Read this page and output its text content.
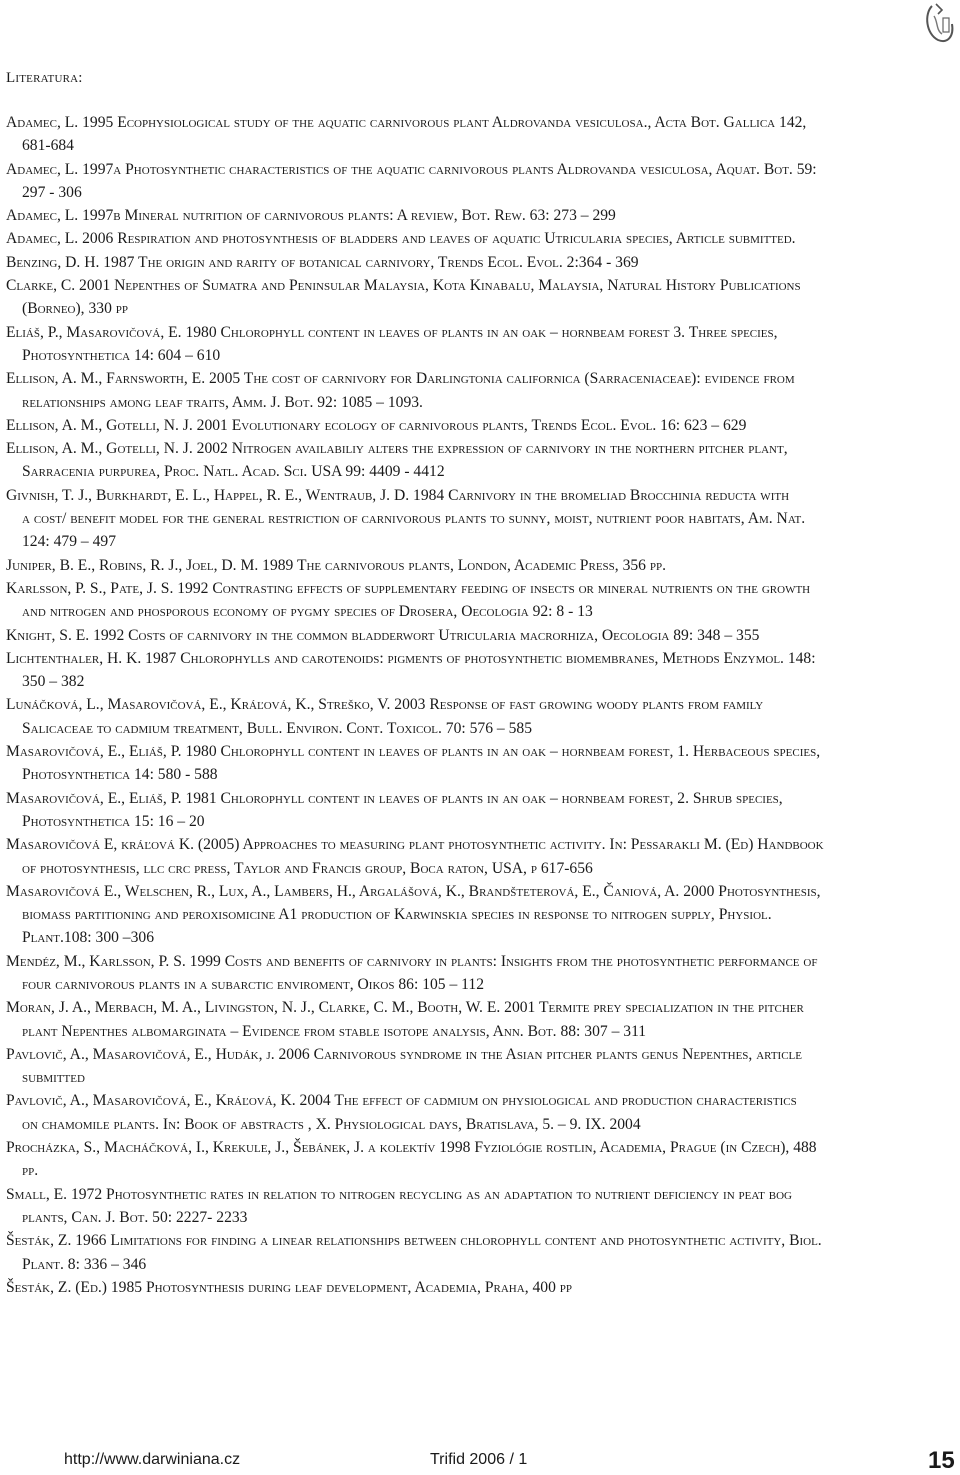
Literatura:

Adamec, L. 1995 Ecophysiological study of the aquatic carnivorous plant Aldrovanda vesiculosa., Acta Bot. Gallica 142,
681-684

Adamec, L. 1997a Photosynthetic characteristics of the aquatic carnivorous plants Aldrovanda vesiculosa, Aquat. Bot. 59:
297 - 306

Adamec, L. 1997b Mineral nutrition of carnivorous plants: A review, Bot. Rew. 63: 273 – 299

Adamec, L. 2006 Respiration and photosynthesis of bladders and leaves of aquatic Utricularia species, Article submitted.

Benzing, D. H. 1987 The origin and rarity of botanical carnivory, Trends Ecol. Evol. 2:364 - 369

Clarke, C. 2001 Nepenthes of Sumatra and Peninsular Malaysia, Kota Kinabalu, Malaysia, Natural History Publications
(Borneo), 330 pp

Eliáš, P., Masarovičová, E. 1980 Chlorophyll content in leaves of plants in an oak – hornbeam forest 3. Three species,
Photosynthetica 14: 604 – 610

Ellison, A. M., Farnsworth, E. 2005 The cost of carnivory for Darlingtonia californica (Sarraceniaceae): evidence from
relationships among leaf traits, Amm. J. Bot. 92: 1085 – 1093.

Ellison, A. M., Gotelli, N. J. 2001 Evolutionary ecology of carnivorous plants, Trends Ecol. Evol. 16: 623 – 629

Ellison, A. M., Gotelli, N. J. 2002 Nitrogen availabiliy alters the expression of carnivory in the northern pitcher plant,
Sarracenia purpurea, Proc. Natl. Acad. Sci. USA 99: 4409 - 4412

Givnish, T. J., Burkhardt, E. L., Happel, R. E., Wentraub, J. D. 1984 Carnivory in the bromeliad Brocchinia reducta with
a cost/ benefit model for the general restriction of carnivorous plants to sunny, moist, nutrient poor habitats, Am. Nat.
124: 479 – 497

Juniper, B. E., Robins, R. J., Joel, D. M. 1989 The carnivorous plants, London, Academic Press, 356 pp.

Karlsson, P. S., Pate, J. S. 1992 Contrasting effects of supplementary feeding of insects or mineral nutrients on the growth
and nitrogen and phosporous economy of pygmy species of Drosera, Oecologia 92: 8 - 13

Knight, S. E. 1992 Costs of carnivory in the common bladderwort Utricularia macrorhiza, Oecologia 89: 348 – 355

Lichtenthaler, H. K. 1987 Chlorophylls and carotenoids: pigments of photosynthetic biomembranes, Methods Enzymol. 148:
350 – 382

Lunáčková, L., Masarovičová, E., Kráľová, K., Streško, V. 2003 Response of fast growing woody plants from family
Salicaceae to cadmium treatment, Bull. Environ. Cont. Toxicol. 70: 576 – 585

Masarovičová, E., Eliáš, P. 1980 Chlorophyll content in leaves of plants in an oak – hornbeam forest, 1. Herbaceous species,
Photosynthetica 14: 580 - 588

Masarovičová, E., Eliáš, P. 1981 Chlorophyll content in leaves of plants in an oak – hornbeam forest, 2. Shrub species,
Photosynthetica 15: 16 – 20

Masarovičová E, kráľová K. (2005) Approaches to measuring plant photosynthetic activity. In: Pessarakli M. (Ed) Handbook
of photosynthesis, llc crc press, Taylor and Francis group, Boca raton, USA, p 617-656

Masarovičová E., Welschen, R., Lux, A., Lambers, H., Argalášová, K., Brandšteterová, E., Čaniová, A. 2000 Photosynthesis,
biomass partitioning and peroxisomicine A1 production of Karwinskia species in response to nitrogen supply, Physiol.
Plant.108: 300 –306

Mendéz, M., Karlsson, P. S. 1999 Costs and benefits of carnivory in plants: Insights from the photosynthetic performance of
four carnivorous plants in a subarctic enviroment, Oikos 86: 105 – 112

Moran, J. A., Merbach, M. A., Livingston, N. J., Clarke, C. M., Booth, W. E. 2001 Termite prey specialization in the pitcher
plant Nepenthes albomarginata – Evidence from stable isotope analysis, Ann. Bot. 88: 307 – 311

Pavlovič, A., Masarovičová, E., Hudák, j. 2006 Carnivorous syndrome in the Asian pitcher plants genus Nepenthes, article
submitted

Pavlovič, A., Masarovičová, E., Kráľová, K. 2004 The effect of cadmium on physiological and production characteristics
on chamomile plants. In: Book of abstracts , X. Physiological days, Bratislava, 5. – 9. IX. 2004

Procházka, S., Macháčková, I., Krekule, J., Šebánek, J. a kolektív 1998 Fyziológie rostlin, Academia, Prague (in Czech), 488
pp.

Small, E. 1972 Photosynthetic rates in relation to nitrogen recycling as an adaptation to nutrient deficiency in peat bog
plants, Can. J. Bot. 50: 2227- 2233

Šesták, Z. 1966 Limitations for finding a linear relationships between chlorophyll content and photosynthetic activity, Biol.
Plant. 8: 336 – 346

Šesták, Z. (Ed.) 1985 Photosynthesis during leaf development, Academia, Praha, 400 pp

http://www.darwiniana.cz	Trifid 2006 / 1	15
